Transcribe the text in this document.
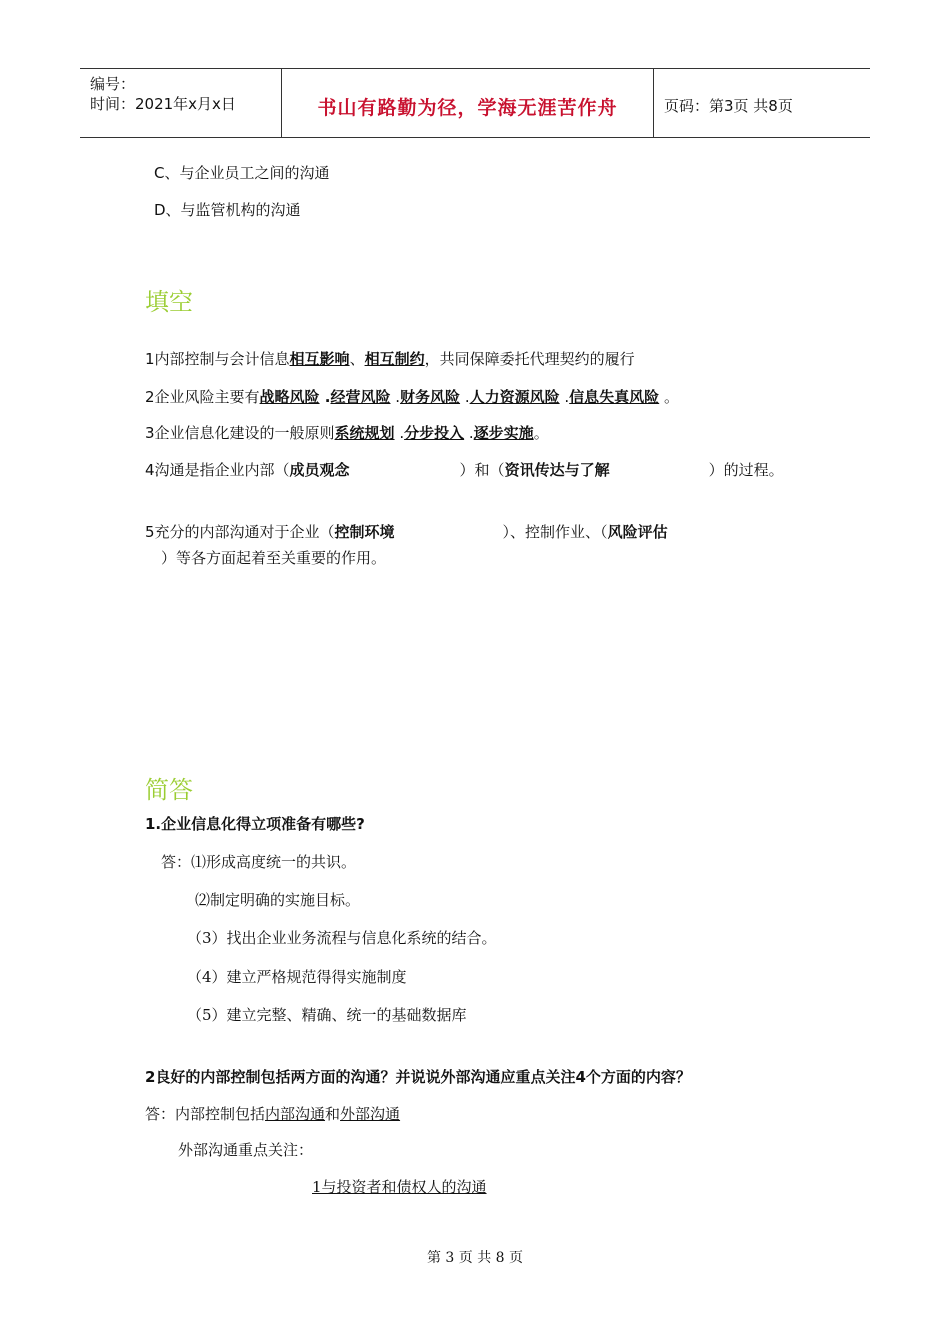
编号：
时间：2021年x月x日	书山有路勤为径，学海无涯苦作舟	页码：第3页 共8页
C、与企业员工之间的沟通
D、与监管机构的沟通
填空
1内部控制与会计信息相互影响、相互制约，共同保障委托代理契约的履行
2企业风险主要有战略风险 .经营风险 .财务风险 .人力资源风险 .信息失真风险 。
3企业信息化建设的一般原则系统规划 .分步投入 .逐步实施。
4沟通是指企业内部（成员观念	）和（资讯传达与了解	）的过程。
5充分的内部沟通对于企业（控制环境	）、控制作业、（风险评估
）等各方面起着至关重要的作用。
简答
1.企业信息化得立项准备有哪些?
答：⑴形成高度统一的共识。
⑵制定明确的实施目标。
（3）找出企业业务流程与信息化系统的结合。
（4）建立严格规范得得实施制度
（5）建立完整、精确、统一的基础数据库
2良好的内部控制包括两方面的沟通？并说说外部沟通应重点关注4个方面的内容？
答：内部控制包括内部沟通和外部沟通
外部沟通重点关注：
1与投资者和债权人的沟通
第 3 页 共 8 页
